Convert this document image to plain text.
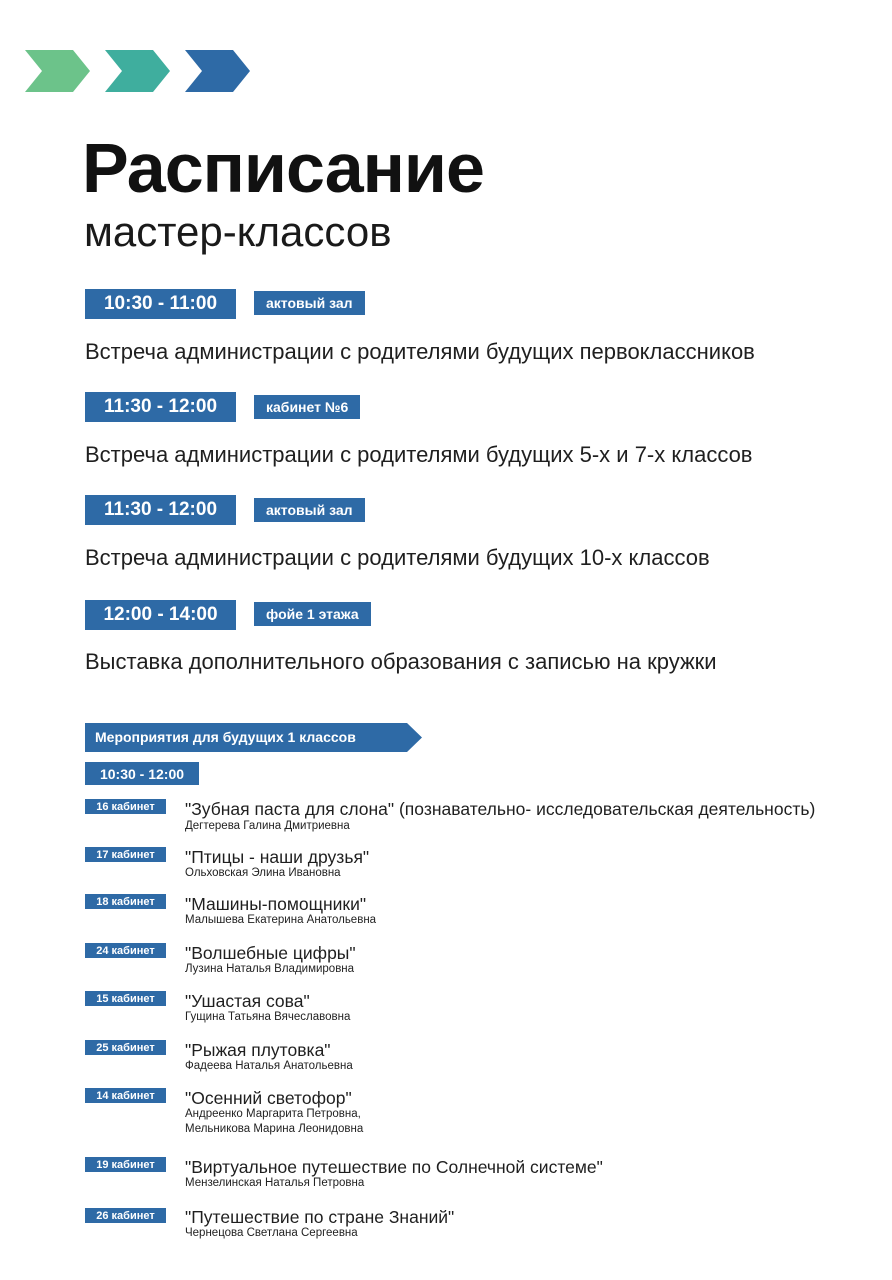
Расписание
мастер-классов
10:30 - 11:00	актовый зал
Встреча администрации с родителями будущих первоклассников
11:30 - 12:00	кабинет №6
Встреча администрации с родителями будущих 5-х и 7-х классов
11:30 - 12:00	актовый зал
Встреча администрации с родителями будущих 10-х классов
12:00 - 14:00	фойе 1 этажа
Выставка дополнительного образования с записью на кружки
Мероприятия для будущих 1 классов
10:30 - 12:00
16 кабинет	"Зубная паста для слона" (познавательно- исследовательская деятельность)
Дегтерева Галина Дмитриевна
17 кабинет	"Птицы - наши друзья"
Ольховская Элина Ивановна
18 кабинет	"Машины-помощники"
Малышева Екатерина Анатольевна
24 кабинет	"Волшебные цифры"
Лузина Наталья Владимировна
15 кабинет	"Ушастая сова"
Гущина Татьяна Вячеславовна
25 кабинет	"Рыжая плутовка"
Фадеева Наталья Анатольевна
14 кабинет	"Осенний светофор"
Андреенко Маргарита Петровна,
Мельникова Марина Леонидовна
19 кабинет	"Виртуальное путешествие по Солнечной системе"
Мензелинская Наталья Петровна
26 кабинет	"Путешествие по стране Знаний"
Чернецова Светлана Сергеевна
